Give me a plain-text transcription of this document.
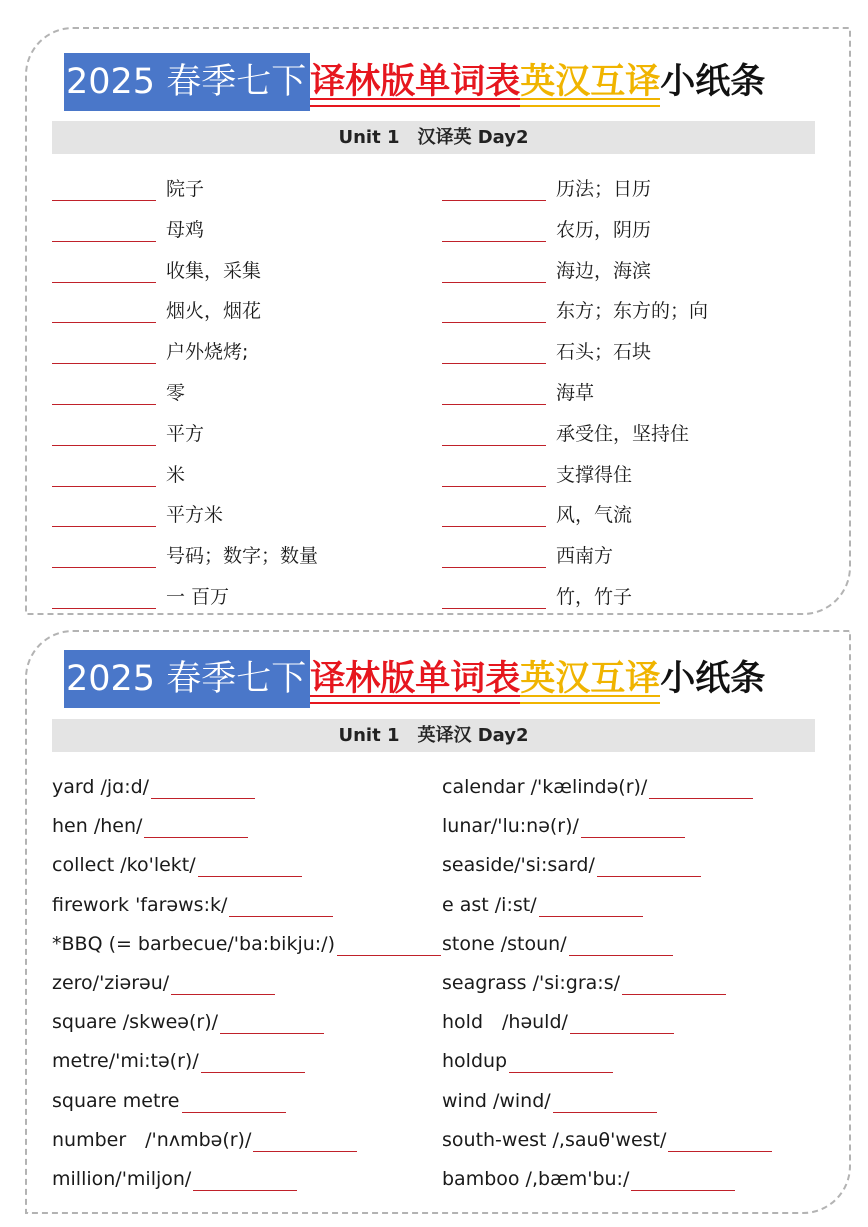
2025 春季七下 译林版单词表 英汉互译 小纸条
Unit 1　汉译英 Day2
2025 春季七下 译林版单词表 英汉互译 小纸条
Unit 1　英译汉 Day2
院子
母鸡
收集，采集
烟火，烟花
户外烧烤;
零
平方
米
平方米
号码；数字；数量
一 百万
历法；日历
农历，阴历
海边，海滨
东方；东方的；向
石头；石块
海草
承受住，坚持住
支撑得住
风，气流
西南方
竹，竹子
yard /jɑ:d/
hen /hen/
collect /ko'lekt/
firework 'farəws:k/
*BBQ (= barbecue/'ba:bikju:/)
zero/'ziərəu/
square /skweə(r)/
metre/'mi:tə(r)/
square metre
number /'nʌmbə(r)/
million/'miljon/
calendar /'kælində(r)/
lunar/'lu:nə(r)/
seaside/'si:sard/
e ast /i:st/
stone /stoun/
seagrass /'si:gra:s/
hold /həuld/
holdup
wind /wind/
south-west /,sauθ'west/
bamboo /,bæm'bu:/
